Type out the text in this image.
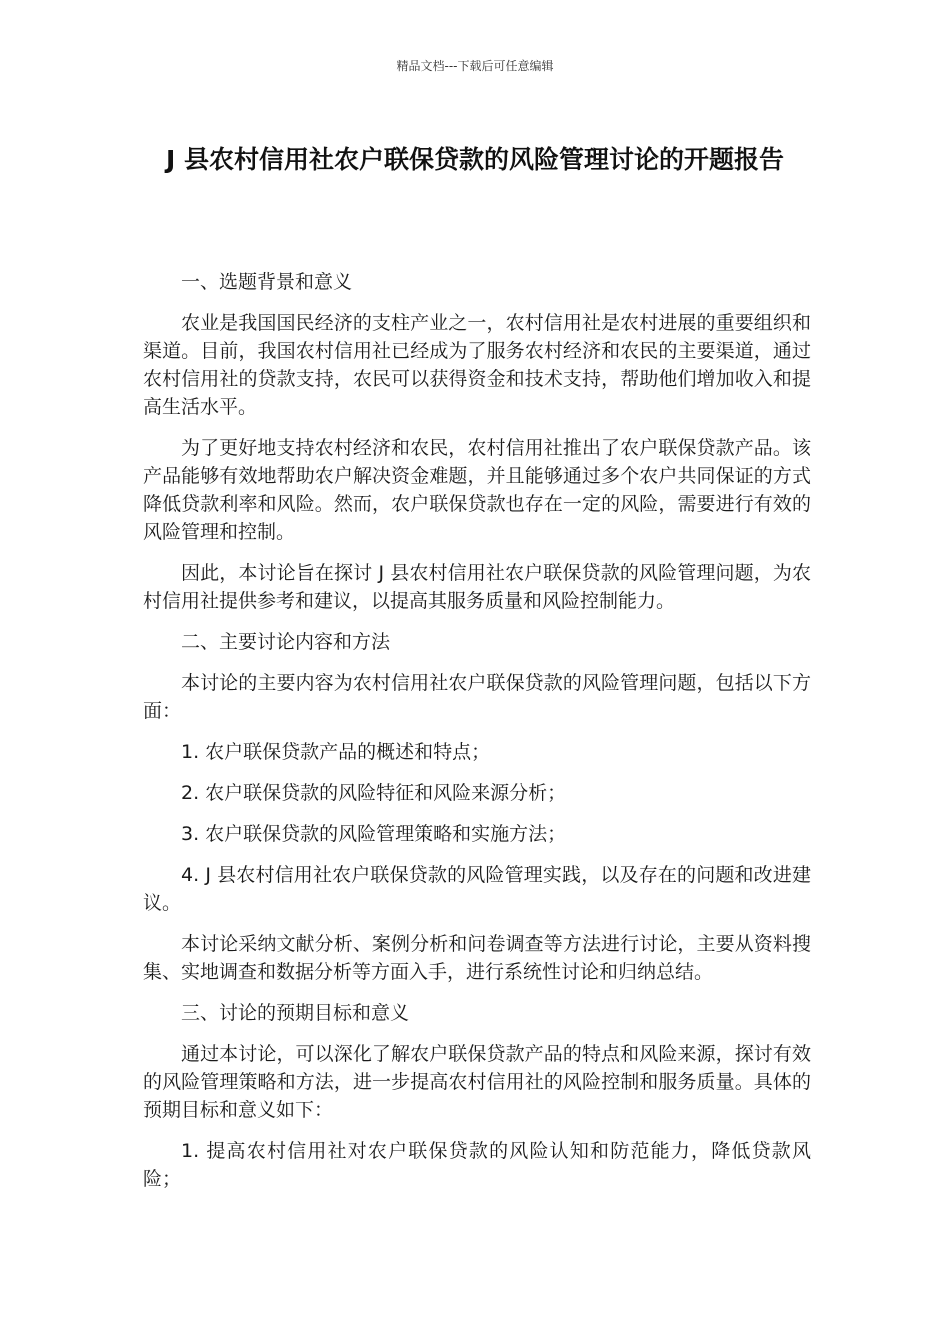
精品文档---下载后可任意编辑
J 县农村信用社农户联保贷款的风险管理讨论的开题报告

一、选题背景和意义

农业是我国国民经济的支柱产业之一，农村信用社是农村进展的重要组织和渠道。目前，我国农村信用社已经成为了服务农村经济和农民的主要渠道，通过农村信用社的贷款支持，农民可以获得资金和技术支持，帮助他们增加收入和提高生活水平。

为了更好地支持农村经济和农民，农村信用社推出了农户联保贷款产品。该产品能够有效地帮助农户解决资金难题，并且能够通过多个农户共同保证的方式降低贷款利率和风险。然而，农户联保贷款也存在一定的风险，需要进行有效的风险管理和控制。

因此，本讨论旨在探讨 J 县农村信用社农户联保贷款的风险管理问题，为农村信用社提供参考和建议，以提高其服务质量和风险控制能力。

二、主要讨论内容和方法

本讨论的主要内容为农村信用社农户联保贷款的风险管理问题，包括以下方面：

1. 农户联保贷款产品的概述和特点；

2. 农户联保贷款的风险特征和风险来源分析；

3. 农户联保贷款的风险管理策略和实施方法；

4. J 县农村信用社农户联保贷款的风险管理实践，以及存在的问题和改进建议。

本讨论采纳文献分析、案例分析和问卷调查等方法进行讨论，主要从资料搜集、实地调查和数据分析等方面入手，进行系统性讨论和归纳总结。

三、讨论的预期目标和意义

通过本讨论，可以深化了解农户联保贷款产品的特点和风险来源，探讨有效的风险管理策略和方法，进一步提高农村信用社的风险控制和服务质量。具体的预期目标和意义如下：

1. 提高农村信用社对农户联保贷款的风险认知和防范能力，降低贷款风险；
